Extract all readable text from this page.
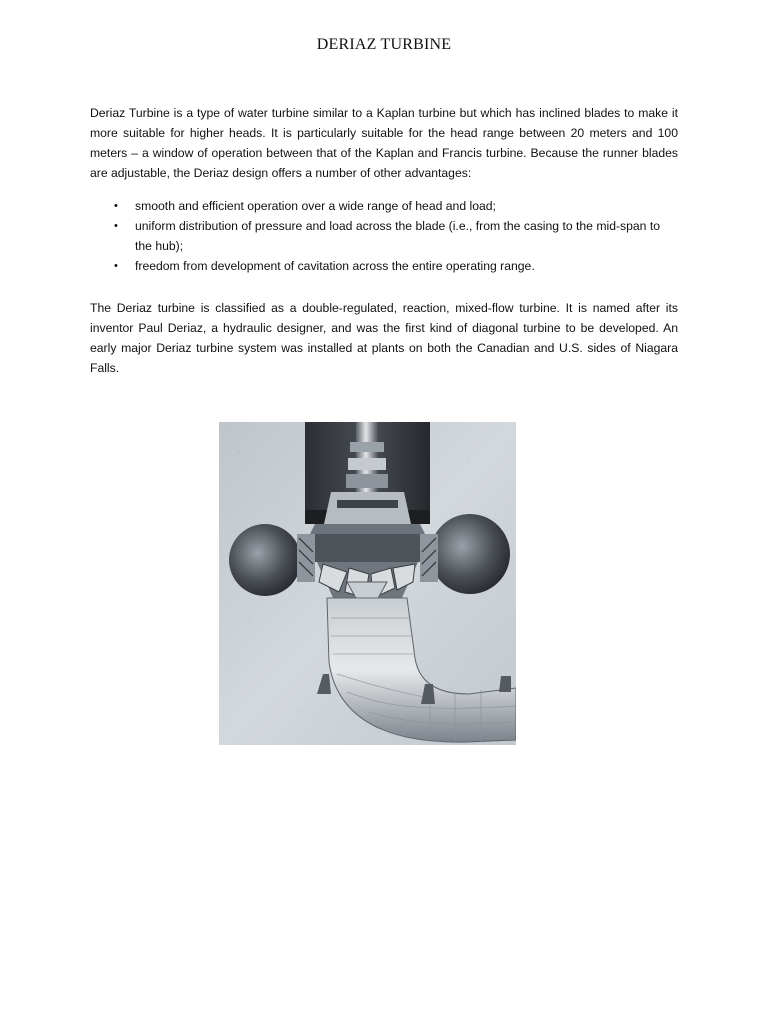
DERIAZ TURBINE

Deriaz Turbine is a type of water turbine similar to a Kaplan turbine but which has inclined blades to make it more suitable for higher heads. It is particularly suitable for the head range between 20 meters and 100 meters – a window of operation between that of the Kaplan and Francis turbine. Because the runner blades are adjustable, the Deriaz design offers a number of other advantages:

• smooth and efficient operation over a wide range of head and load;
• uniform distribution of pressure and load across the blade (i.e., from the casing to the mid-span to the hub);
• freedom from development of cavitation across the entire operating range.

The Deriaz turbine is classified as a double-regulated, reaction, mixed-flow turbine. It is named after its inventor Paul Deriaz, a hydraulic designer, and was the first kind of diagonal turbine to be developed. An early major Deriaz turbine system was installed at plants on both the Canadian and U.S. sides of Niagara Falls.
